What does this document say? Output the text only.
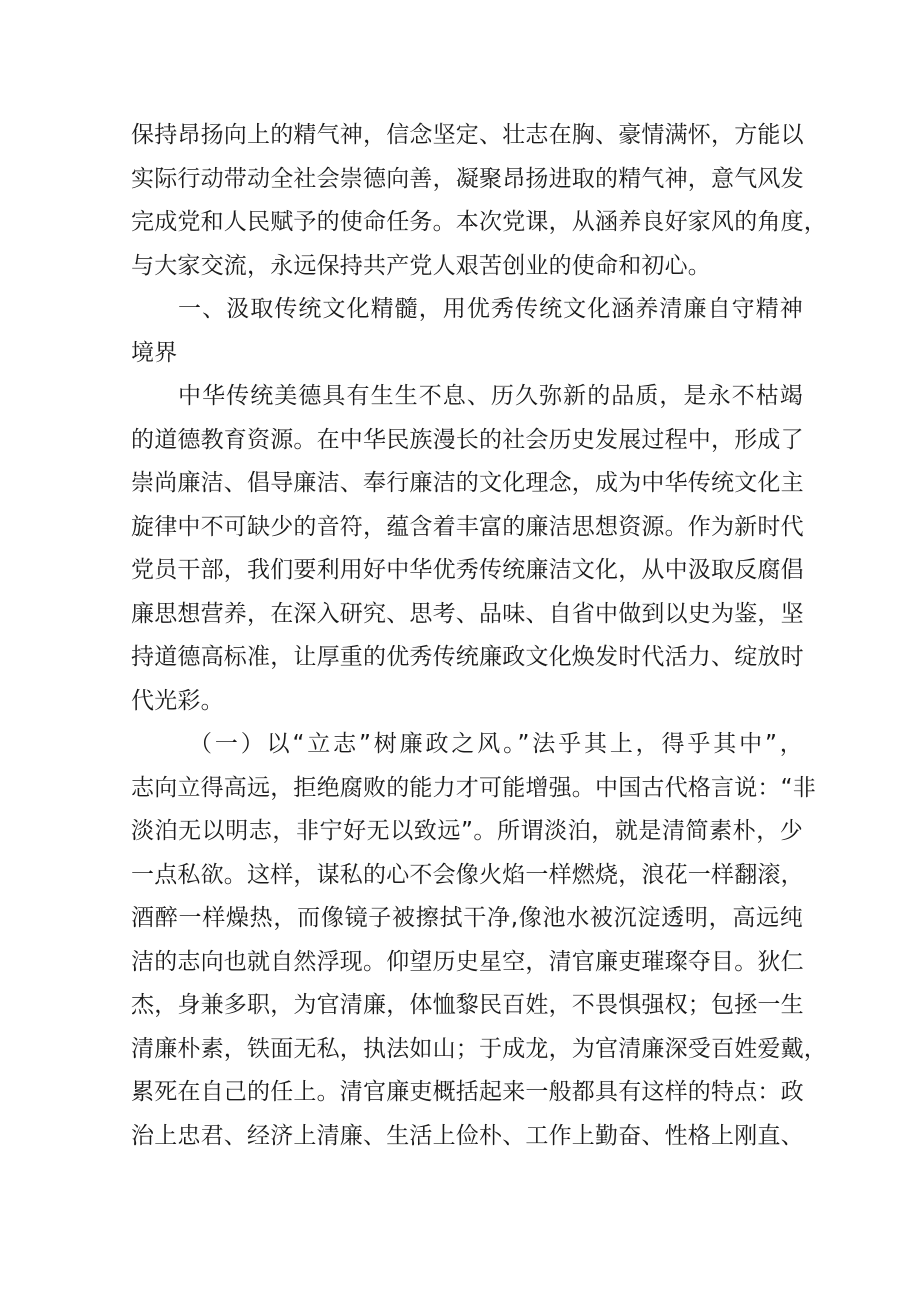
保持昂扬向上的精气神，信念坚定、壮志在胸、豪情满怀，方能以
实际行动带动全社会崇德向善，凝聚昂扬进取的精气神，意气风发
完成党和人民赋予的使命任务。本次党课，从涵养良好家风的角度，
与大家交流，永远保持共产党人艰苦创业的使命和初心。
一、汲取传统文化精髓，用优秀传统文化涵养清廉自守精神
境界
中华传统美德具有生生不息、历久弥新的品质，是永不枯竭
的道德教育资源。在中华民族漫长的社会历史发展过程中，形成了
崇尚廉洁、倡导廉洁、奉行廉洁的文化理念，成为中华传统文化主
旋律中不可缺少的音符，蕴含着丰富的廉洁思想资源。作为新时代
党员干部，我们要利用好中华优秀传统廉洁文化，从中汲取反腐倡
廉思想营养，在深入研究、思考、品味、自省中做到以史为鉴，坚
持道德高标准，让厚重的优秀传统廉政文化焕发时代活力、绽放时
代光彩。
（一）以“立志”树廉政之风。”法乎其上，得乎其中”，
志向立得高远，拒绝腐败的能力才可能增强。中国古代格言说：“非
淡泊无以明志，非宁好无以致远”。所谓淡泊，就是清简素朴，少
一点私欲。这样，谋私的心不会像火焰一样燃烧，浪花一样翻滚，
酒醉一样燥热，而像镜子被擦拭干净,像池水被沉淀透明，高远纯
洁的志向也就自然浮现。仰望历史星空，清官廉吏璀璨夺目。狄仁
杰，身兼多职，为官清廉，体恤黎民百姓，不畏惧强权；包拯一生
清廉朴素，铁面无私，执法如山；于成龙，为官清廉深受百姓爱戴，
累死在自己的任上。清官廉吏概括起来一般都具有这样的特点：政
治上忠君、经济上清廉、生活上俭朴、工作上勤奋、性格上刚直、
